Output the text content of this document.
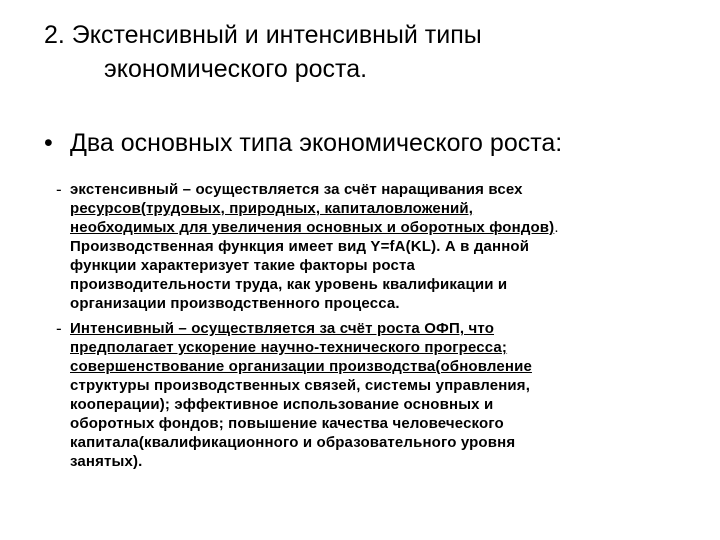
2. Экстенсивный и интенсивный типы
экономического роста.
• Два основных типа экономического роста:
- экстенсивный – осуществляется за счёт наращивания всех
ресурсов(трудовых, природных, капиталовложений,
необходимых для увеличения основных и оборотных фондов).
Производственная функция имеет вид Y=fA(KL). А в данной
функции характеризует такие факторы роста
производительности труда, как уровень квалификации и
организации производственного процесса.
- Интенсивный – осуществляется за счёт роста ОФП, что
предполагает ускорение научно-технического прогресса;
совершенствование организации производства(обновление
структуры производственных связей, системы управления,
кооперации); эффективное использование основных и
оборотных фондов; повышение качества человеческого
капитала(квалификационного и образовательного уровня
занятых).
